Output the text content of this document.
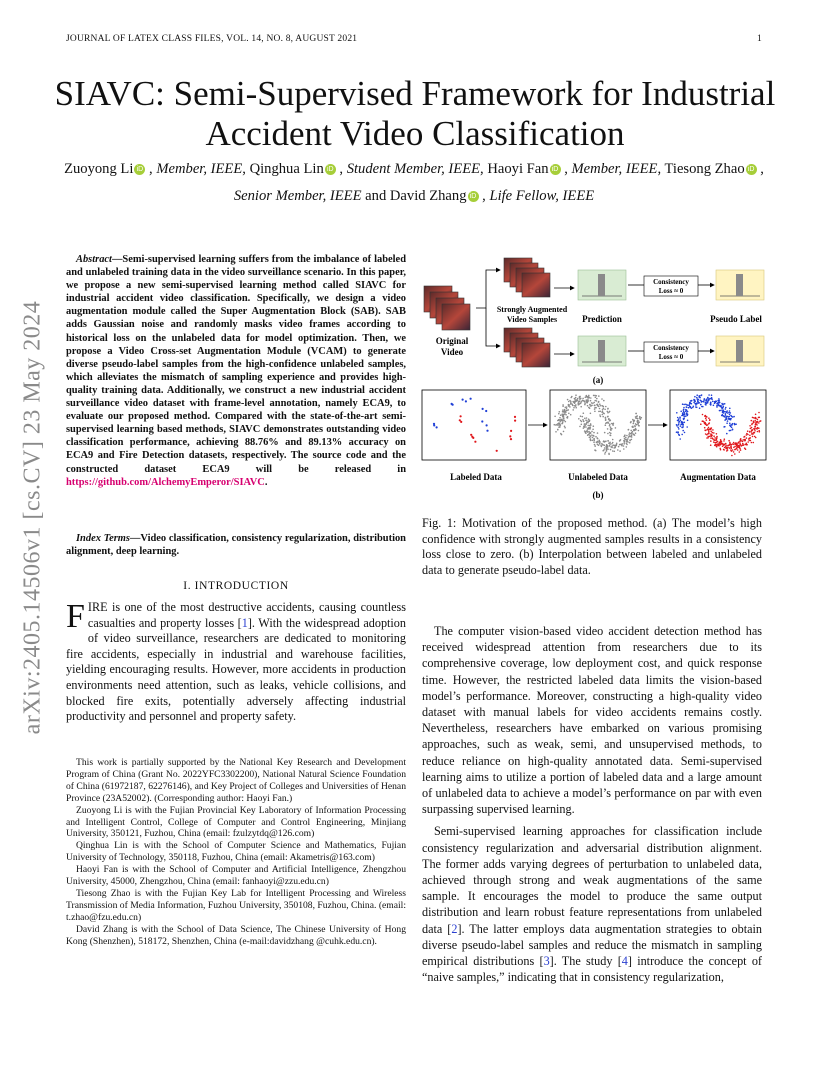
JOURNAL OF LATEX CLASS FILES, VOL. 14, NO. 8, AUGUST 2021	1
arXiv:2405.14506v1 [cs.CV] 23 May 2024
SIAVC: Semi-Supervised Framework for Industrial Accident Video Classification
Zuoyong Li iD , Member, IEEE, Qinghua Lin iD , Student Member, IEEE, Haoyi Fan iD , Member, IEEE, Tiesong Zhao iD , Senior Member, IEEE and David Zhang iD , Life Fellow, IEEE
Abstract—Semi-supervised learning suffers from the imbalance of labeled and unlabeled training data in the video surveillance scenario. In this paper, we propose a new semi-supervised learning method called SIAVC for industrial accident video classification. Specifically, we design a video augmentation module called the Super Augmentation Block (SAB). SAB adds Gaussian noise and randomly masks video frames according to historical loss on the unlabeled data for model optimization. Then, we propose a Video Cross-set Augmentation Module (VCAM) to generate diverse pseudo-label samples from the high-confidence unlabeled samples, which alleviates the mismatch of sampling experience and provides high-quality training data. Additionally, we construct a new industrial accident surveillance video dataset with frame-level annotation, namely ECA9, to evaluate our proposed method. Compared with the state-of-the-art semi-supervised learning based methods, SIAVC demonstrates outstanding video classification performance, achieving 88.76% and 89.13% accuracy on ECA9 and Fire Detection datasets, respectively. The source code and the constructed dataset ECA9 will be released in https://github.com/AlchemyEmperor/SIAVC.
Index Terms—Video classification, consistency regularization, distribution alignment, deep learning.
I. INTRODUCTION
FIRE is one of the most destructive accidents, causing countless casualties and property losses [1]. With the widespread adoption of video surveillance, researchers are dedicated to monitoring fire accidents, especially in industrial and warehouse facilities, yielding encouraging results. However, more accidents in production environments need attention, such as leaks, vehicle collisions, and blocked fire exits, potentially adversely affecting industrial productivity and personnel and property safety.

This work is partially supported by the National Key Research and Development Program of China (Grant No. 2022YFC3302200), National Natural Science Foundation of China (61972187, 62276146), and Key Project of Colleges and Universities of Henan Province (23A52002). (Corresponding author: Haoyi Fan.)

Zuoyong Li is with the Fujian Provincial Key Laboratory of Information Processing and Intelligent Control, College of Computer and Control Engineering, Minjiang University, 350121, Fuzhou, China (email: fzulzytdq@126.com)

Qinghua Lin is with the School of Computer Science and Mathematics, Fujian University of Technology, 350118, Fuzhou, China (email: Akametris@163.com)

Haoyi Fan is with the School of Computer and Artificial Intelligence, Zhengzhou University, 45000, Zhengzhou, China (email: fanhaoyi@zzu.edu.cn)

Tiesong Zhao is with the Fujian Key Lab for Intelligent Processing and Wireless Transmission of Media Information, Fuzhou University, 350108, Fuzhou, China. (email: t.zhao@fzu.edu.cn)

David Zhang is with the School of Data Science, The Chinese University of Hong Kong (Shenzhen), 518172, Shenzhen, China (e-mail:davidzhang @cuhk.edu.cn).

Original
Video
Strongly Augmented
Video Samples	Prediction
Consistency
Loss ≈ 0
Consistency
Loss ≈ 0
Pseudo Label
(a)
Labeled Data	Unlabeled Data	Augmentation Data
(b)
Fig. 1: Motivation of the proposed method. (a) The model’s high confidence with strongly augmented samples results in a consistency loss close to zero. (b) Interpolation between labeled and unlabeled data to generate pseudo-label data.

The computer vision-based video accident detection method has received widespread attention from researchers due to its comprehensive coverage, low deployment cost, and quick response time. However, the restricted labeled data limits the vision-based model’s performance. Moreover, constructing a high-quality video dataset with manual labels for video accidents remains costly. Nevertheless, researchers have embarked on various promising approaches, such as weak, semi, and unsupervised methods, to reduce reliance on high-quality annotated data. Semi-supervised learning aims to utilize a portion of labeled data and a large amount of unlabeled data to achieve a model’s performance on par with even surpassing supervised learning.

Semi-supervised learning approaches for classification include consistency regularization and adversarial distribution alignment. The former adds varying degrees of perturbation to unlabeled data, achieved through strong and weak augmentations of the same sample. It encourages the model to produce the same output distribution and learn robust feature representations from unlabeled data [2]. The latter employs data augmentation strategies to obtain diverse pseudo-label samples and reduce the mismatch in sampling empirical distributions [3]. The study [4] introduce the concept of “naive samples,” indicating that in consistency regularization,
